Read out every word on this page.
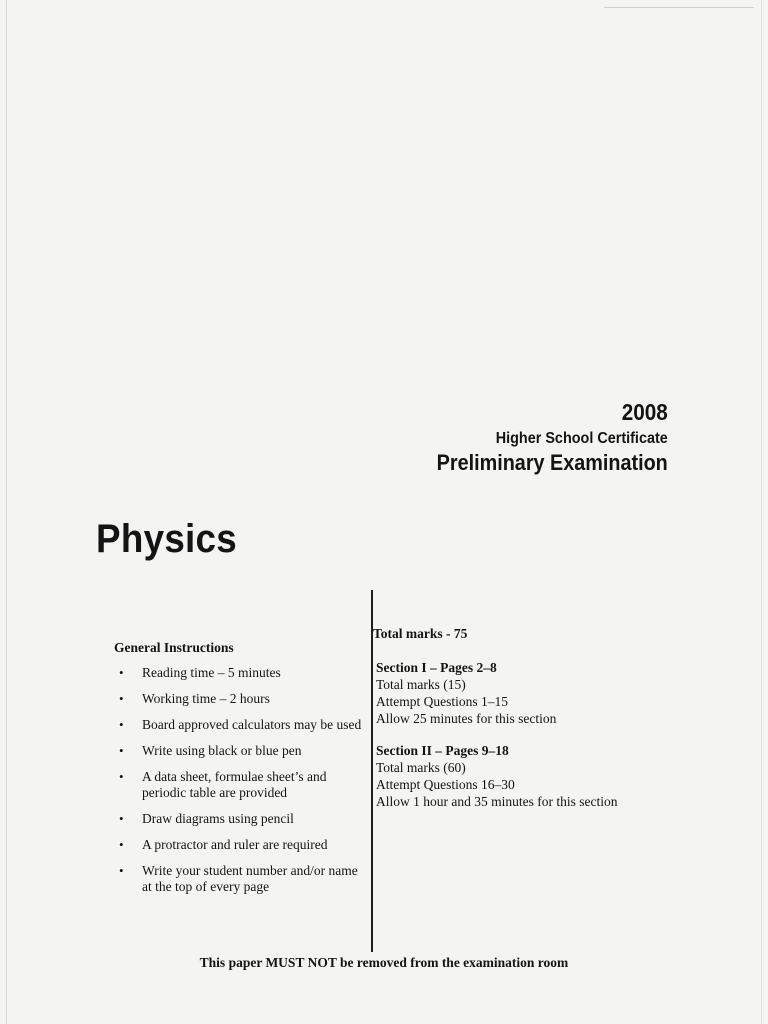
2008
Higher School Certificate
Preliminary Examination
Physics
General Instructions
• Reading time – 5 minutes
• Working time – 2 hours
• Board approved calculators may be used
• Write using black or blue pen
• A data sheet, formulae sheet’s and periodic table are provided
• Draw diagrams using pencil
• A protractor and ruler are required
• Write your student number and/or name at the top of every page
Total marks - 75
Section I – Pages 2–8
Total marks (15)
Attempt Questions 1–15
Allow 25 minutes for this section
Section II – Pages 9–18
Total marks (60)
Attempt Questions 16–30
Allow 1 hour and 35 minutes for this section
This paper MUST NOT be removed from the examination room
